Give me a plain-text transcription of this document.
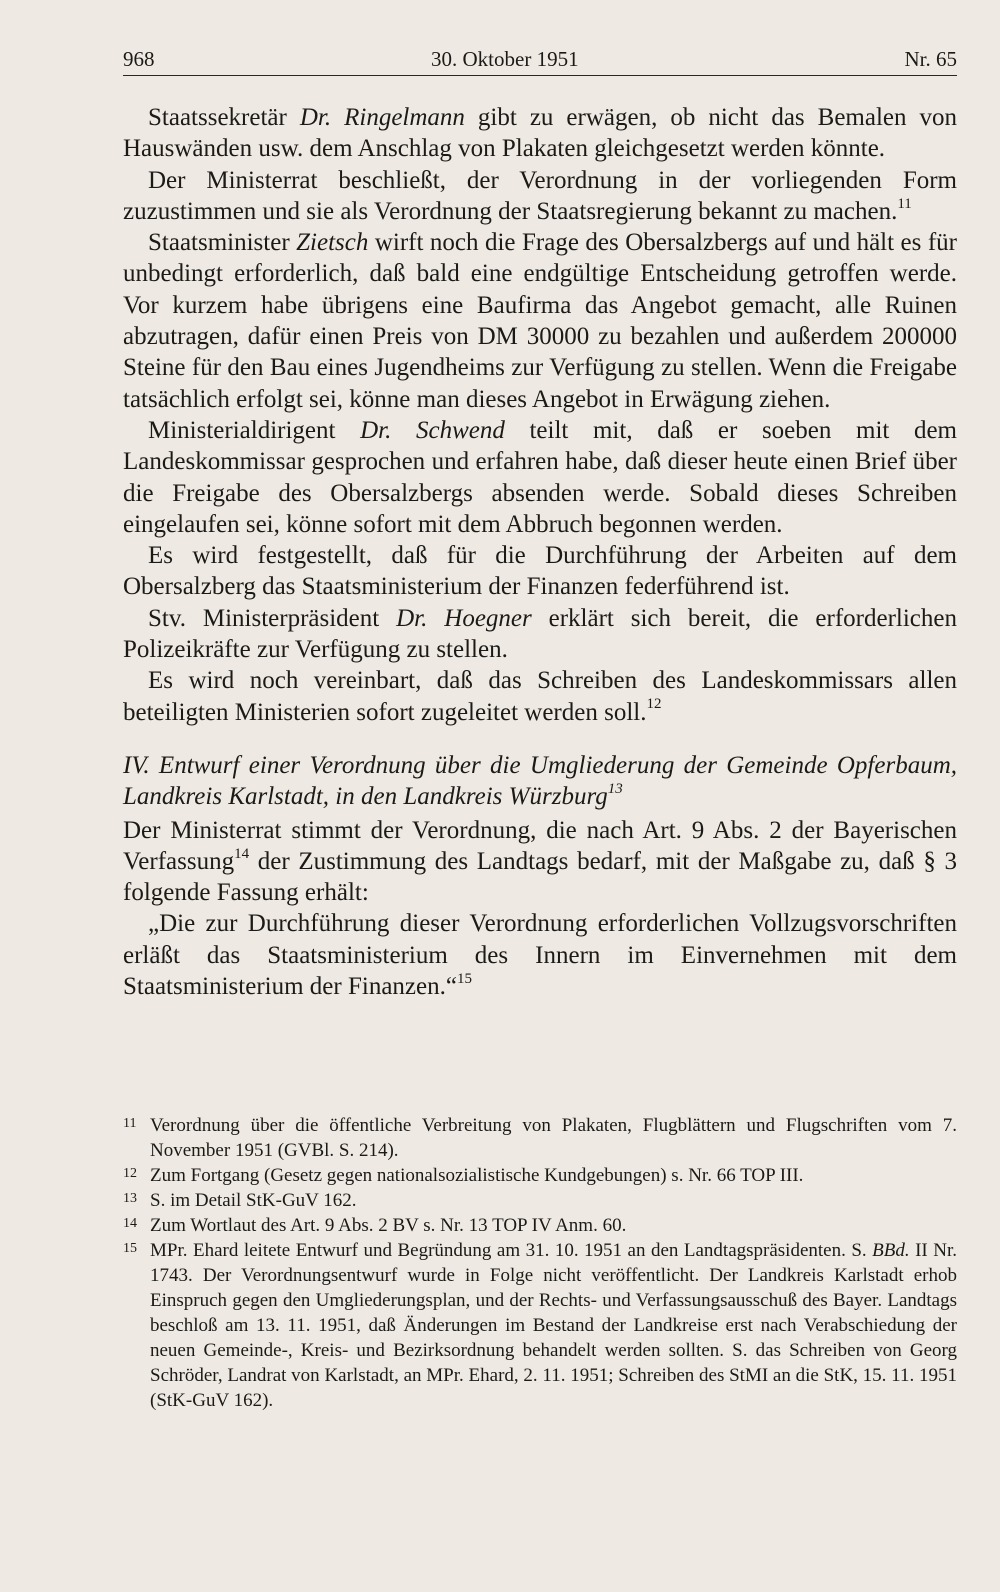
968	30. Oktober 1951	Nr. 65

Staatssekretär Dr. Ringelmann gibt zu erwägen, ob nicht das Bemalen von Hauswänden usw. dem Anschlag von Plakaten gleichgesetzt werden könnte.

Der Ministerrat beschließt, der Verordnung in der vorliegenden Form zuzustimmen und sie als Verordnung der Staatsregierung bekannt zu machen.$^{11}$

Staatsminister Zietsch wirft noch die Frage des Obersalzbergs auf und hält es für unbedingt erforderlich, daß bald eine endgültige Entscheidung getroffen werde. Vor kurzem habe übrigens eine Baufirma das Angebot gemacht, alle Ruinen abzutragen, dafür einen Preis von DM 30000 zu bezahlen und außerdem 200000 Steine für den Bau eines Jugendheims zur Verfügung zu stellen. Wenn die Freigabe tatsächlich erfolgt sei, könne man dieses Angebot in Erwägung ziehen.

Ministerialdirigent Dr. Schwend teilt mit, daß er soeben mit dem Landeskommissar gesprochen und erfahren habe, daß dieser heute einen Brief über die Freigabe des Obersalzbergs absenden werde. Sobald dieses Schreiben eingelaufen sei, könne sofort mit dem Abbruch begonnen werden.

Es wird festgestellt, daß für die Durchführung der Arbeiten auf dem Obersalzberg das Staatsministerium der Finanzen federführend ist.

Stv. Ministerpräsident Dr. Hoegner erklärt sich bereit, die erforderlichen Polizeikräfte zur Verfügung zu stellen.

Es wird noch vereinbart, daß das Schreiben des Landeskommissars allen beteiligten Ministerien sofort zugeleitet werden soll.$^{12}$

IV. Entwurf einer Verordnung über die Umgliederung der Gemeinde Opferbaum, Landkreis Karlstadt, in den Landkreis Würzburg$^{13}$

Der Ministerrat stimmt der Verordnung, die nach Art. 9 Abs. 2 der Bayerischen Verfassung$^{14}$ der Zustimmung des Landtags bedarf, mit der Maßgabe zu, daß § 3 folgende Fassung erhält:

„Die zur Durchführung dieser Verordnung erforderlichen Vollzugsvorschriften erläßt das Staatsministerium des Innern im Einvernehmen mit dem Staatsministerium der Finanzen.“$^{15}$

11 Verordnung über die öffentliche Verbreitung von Plakaten, Flugblättern und Flugschriften vom 7. November 1951 (GVBl. S. 214).
12 Zum Fortgang (Gesetz gegen nationalsozialistische Kundgebungen) s. Nr. 66 TOP III.
13 S. im Detail StK-GuV 162.
14 Zum Wortlaut des Art. 9 Abs. 2 BV s. Nr. 13 TOP IV Anm. 60.
15 MPr. Ehard leitete Entwurf und Begründung am 31. 10. 1951 an den Landtagspräsidenten. S. BBd. II Nr. 1743. Der Verordnungsentwurf wurde in Folge nicht veröffentlicht. Der Landkreis Karlstadt erhob Einspruch gegen den Umgliederungsplan, und der Rechts- und Verfassungsausschuß des Bayer. Landtags beschloß am 13. 11. 1951, daß Änderungen im Bestand der Landkreise erst nach Verabschiedung der neuen Gemeinde-, Kreis- und Bezirksordnung behandelt werden sollten. S. das Schreiben von Georg Schröder, Landrat von Karlstadt, an MPr. Ehard, 2. 11. 1951; Schreiben des StMI an die StK, 15. 11. 1951 (StK-GuV 162).
